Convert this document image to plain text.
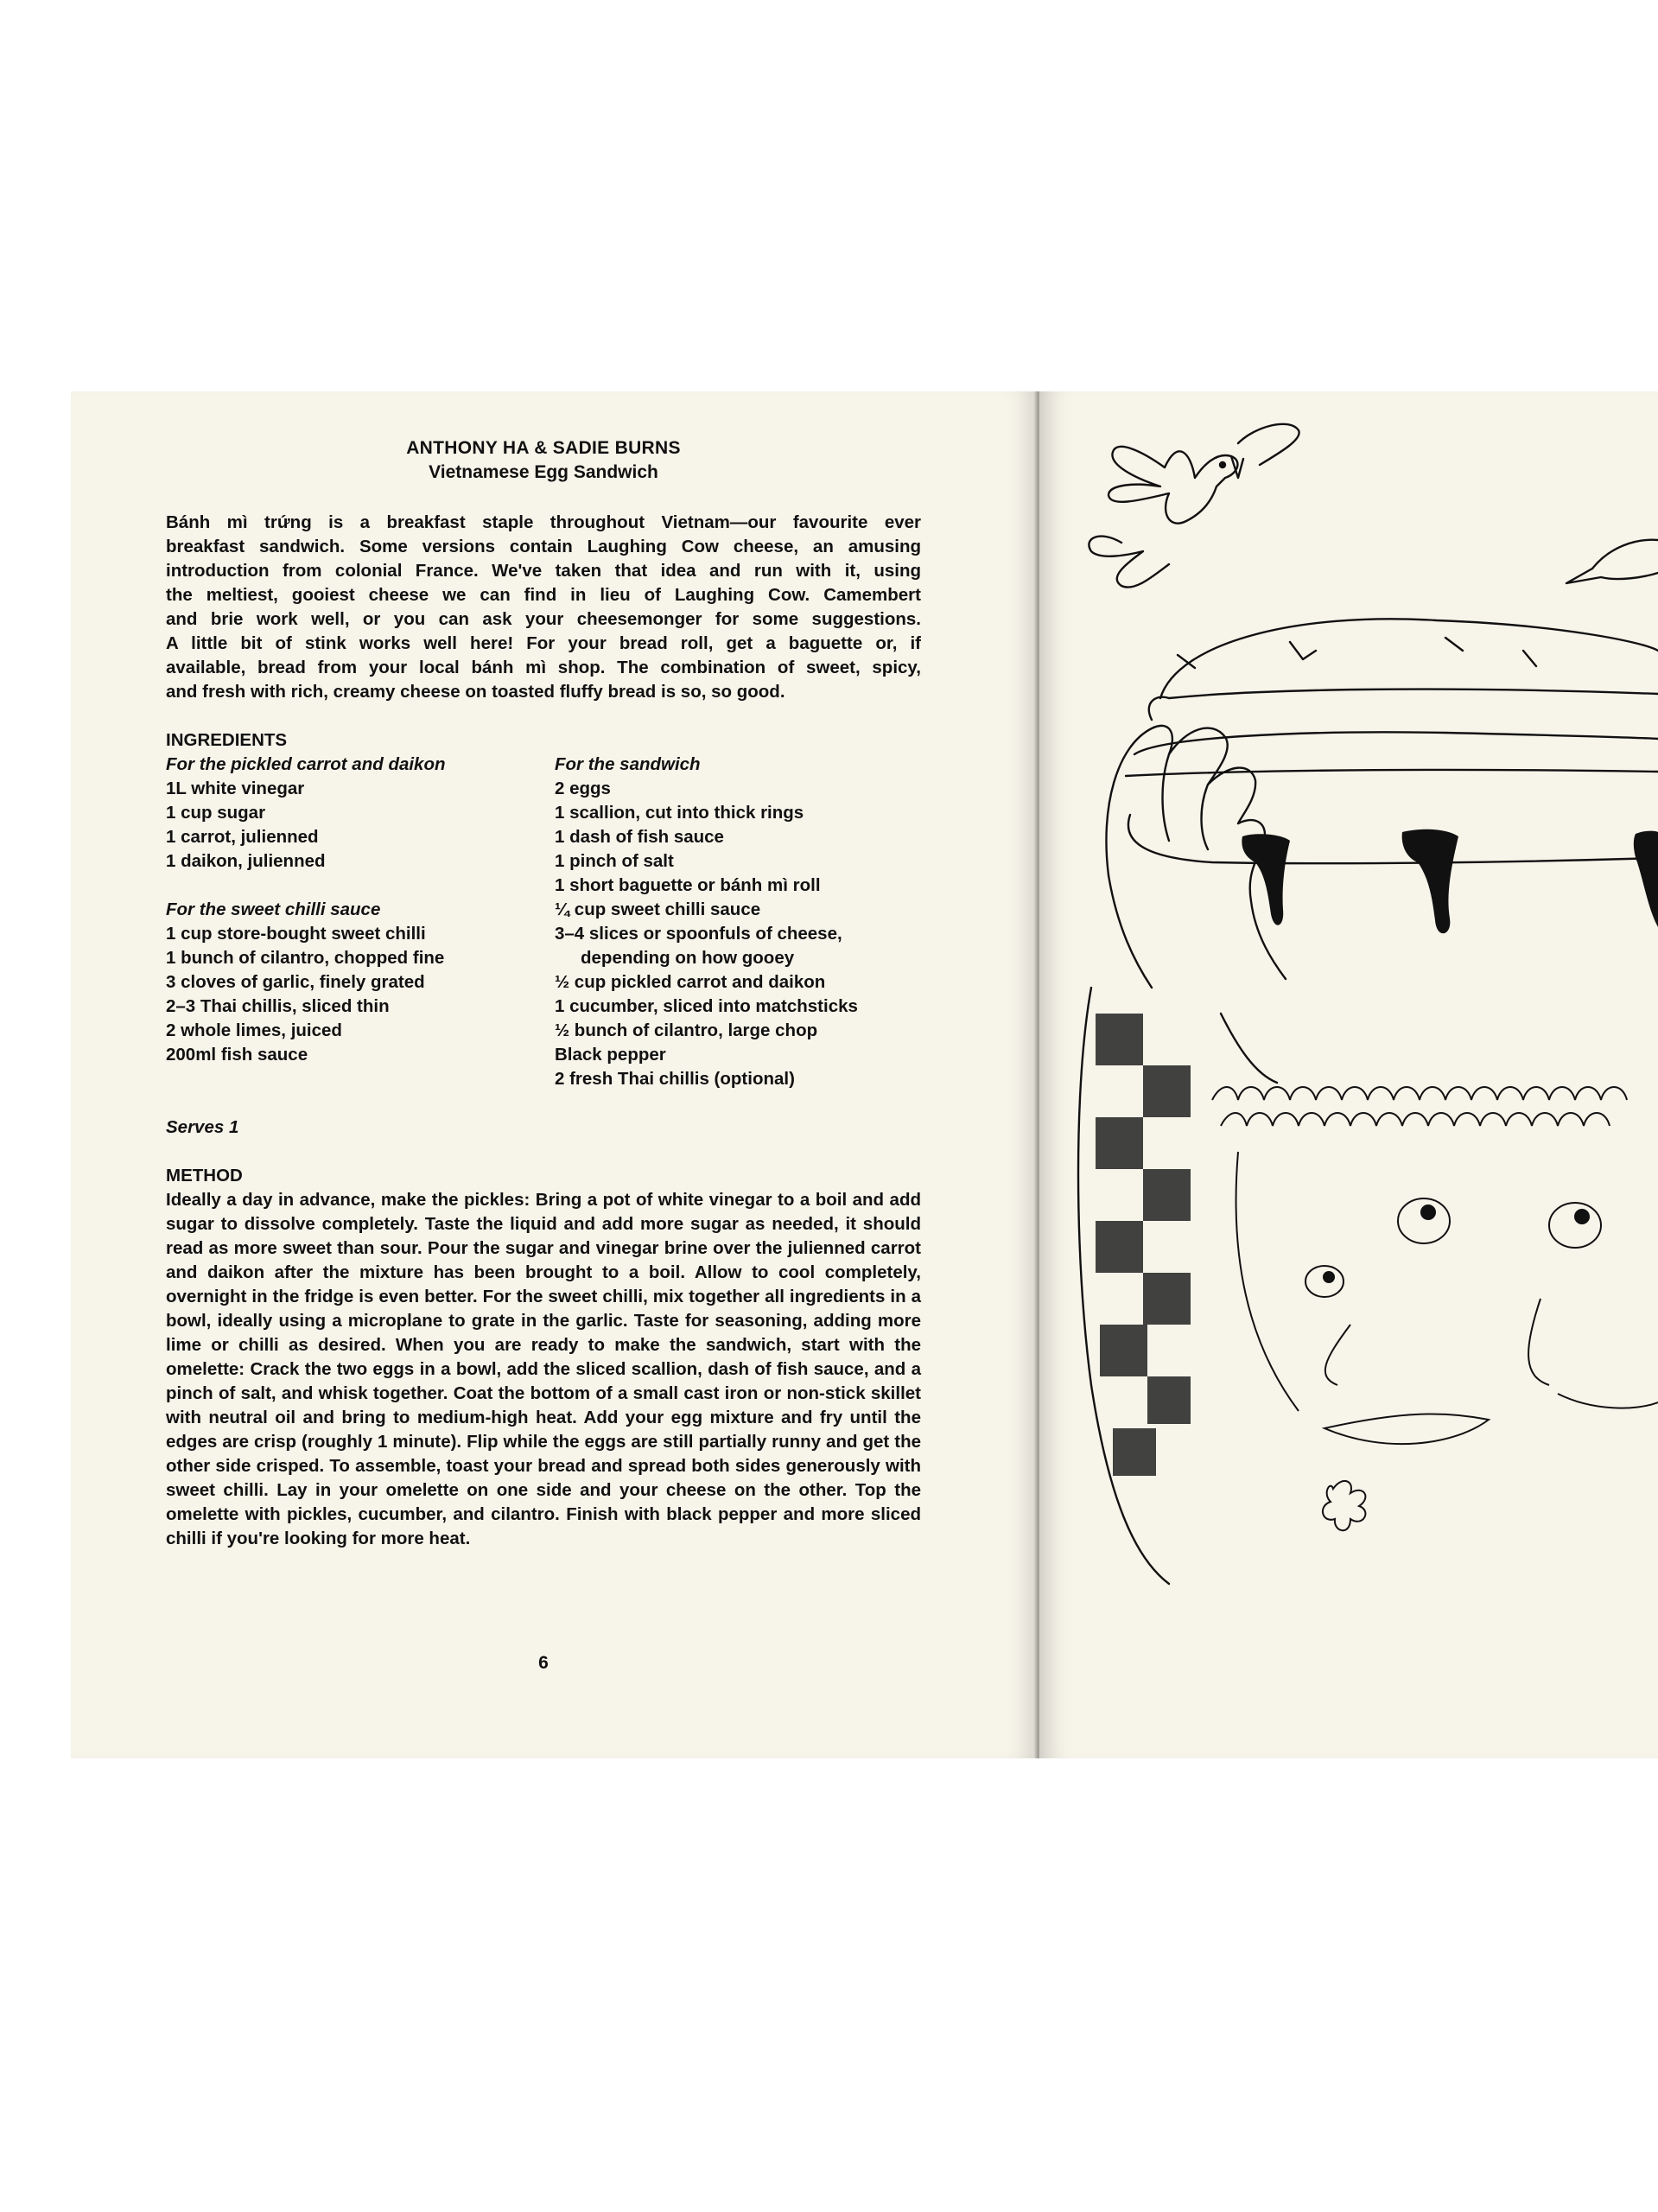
ANTHONY HA & SADIE BURNS
Vietnamese Egg Sandwich
Bánh mì trứng is a breakfast staple throughout Vietnam—our favourite ever
breakfast sandwich. Some versions contain Laughing Cow cheese, an amusing
introduction from colonial France. We've taken that idea and run with it, using
the meltiest, gooiest cheese we can find in lieu of Laughing Cow. Camembert
and brie work well, or you can ask your cheesemonger for some suggestions.
A little bit of stink works well here! For your bread roll, get a baguette or, if
available, bread from your local bánh mì shop. The combination of sweet, spicy,
and fresh with rich, creamy cheese on toasted fluffy bread is so, so good.
INGREDIENTS
For the pickled carrot and daikon
1L white vinegar
1 cup sugar
1 carrot, julienned
1 daikon, julienned
For the sweet chilli sauce
1 cup store-bought sweet chilli
1 bunch of cilantro, chopped fine
3 cloves of garlic, finely grated
2–3 Thai chillis, sliced thin
2 whole limes, juiced
200ml fish sauce
For the sandwich
2 eggs
1 scallion, cut into thick rings
1 dash of fish sauce
1 pinch of salt
1 short baguette or bánh mì roll
¼ cup sweet chilli sauce
3–4 slices or spoonfuls of cheese,
depending on how gooey
½ cup pickled carrot and daikon
1 cucumber, sliced into matchsticks
½ bunch of cilantro, large chop
Black pepper
2 fresh Thai chillis (optional)
Serves 1
METHOD

Ideally a day in advance, make the pickles: Bring a pot of white vinegar to a boil and add sugar to dissolve completely. Taste the liquid and add more sugar as needed, it should read as more sweet than sour. Pour the sugar and vinegar brine over the julienned carrot and daikon after the mixture has been brought to a boil. Allow to cool completely, overnight in the fridge is even better. For the sweet chilli, mix together all ingredients in a bowl, ideally using a microplane to grate in the garlic. Taste for seasoning, adding more lime or chilli as desired. When you are ready to make the sandwich, start with the omelette: Crack the two eggs in a bowl, add the sliced scallion, dash of fish sauce, and a pinch of salt, and whisk together. Coat the bottom of a small cast iron or non-stick skillet with neutral oil and bring to medium-high heat. Add your egg mixture and fry until the edges are crisp (roughly 1 minute). Flip while the eggs are still partially runny and get the other side crisped. To assemble, toast your bread and spread both sides generously with sweet chilli. Lay in your omelette on one side and your cheese on the other. Top the omelette with pickles, cucumber, and cilantro. Finish with black pepper and more sliced chilli if you're looking for more heat.

6
